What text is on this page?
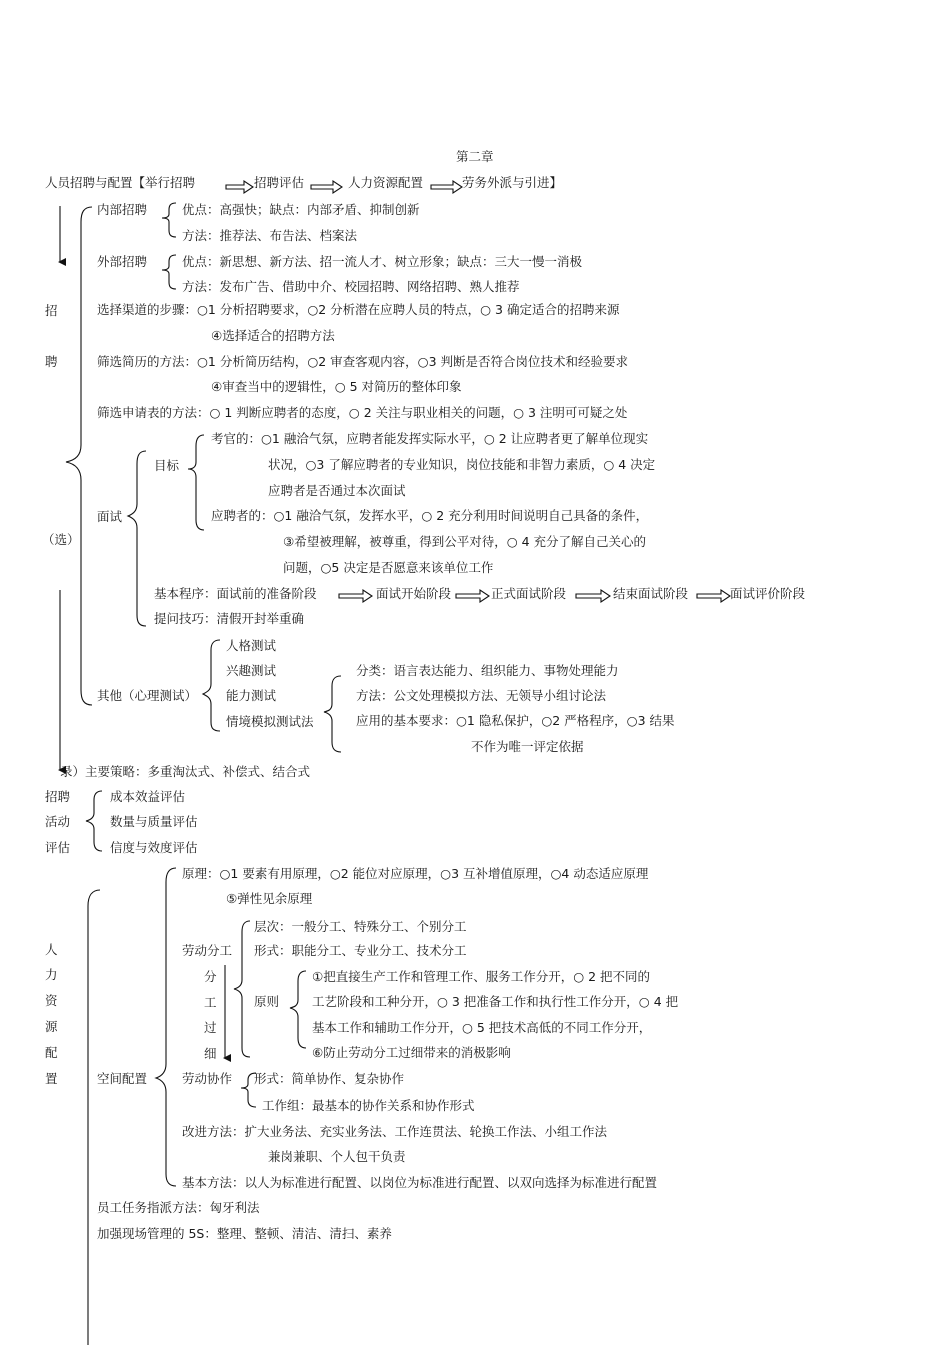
第二章
人员招聘与配置【举行招聘	招聘评估	人力资源配置	劳务外派与引进】
招
聘
（选）
内部招聘	优点：高强快；缺点：内部矛盾、抑制创新
方法：推荐法、布告法、档案法
外部招聘	优点：新思想、新方法、招一流人才、树立形象；缺点：三大一慢一消极
方法：发布广告、借助中介、校园招聘、网络招聘、熟人推荐
选择渠道的步骤：○1 分析招聘要求，○2 分析潜在应聘人员的特点，○ 3 确定适合的招聘来源
④选择适合的招聘方法
筛选简历的方法：○1 分析简历结构，○2 审查客观内容，○3 判断是否符合岗位技术和经验要求
④审查当中的逻辑性，○ 5 对简历的整体印象
筛选申请表的方法：○ 1 判断应聘者的态度，○ 2 关注与职业相关的问题，○ 3 注明可可疑之处
目标
考官的：○1 融洽气氛，应聘者能发挥实际水平，○ 2 让应聘者更了解单位现实
状况，○3 了解应聘者的专业知识，岗位技能和非智力素质，○ 4 决定
应聘者是否通过本次面试
应聘者的：○1 融洽气氛，发挥水平，○ 2 充分利用时间说明自己具备的条件，
③希望被理解，被尊重，得到公平对待，○ 4 充分了解自己关心的
问题，○5 决定是否愿意来该单位工作
面试
基本程序：面试前的准备阶段	面试开始阶段	正式面试阶段	结束面试阶段	面试评价阶段
提问技巧：清假开封举重确
人格测试
兴趣测试
能力测试
情境模拟测试法
其他（心理测试）
分类：语言表达能力、组织能力、事物处理能力
方法：公文处理模拟方法、无领导小组讨论法
应用的基本要求：○1 隐私保护，○2 严格程序，○3 结果
不作为唯一评定依据
录）主要策略：多重淘汰式、补偿式、结合式
招聘
活动
评估
成本效益评估
数量与质量评估
信度与效度评估
人
力
资
源
配
置	空间配置
原理：○1 要素有用原理，○2 能位对应原理，○3 互补增值原理，○4 动态适应原理
⑤弹性见余原理
劳动分工
分
工
过
细
层次：一般分工、特殊分工、个别分工
形式：职能分工、专业分工、技术分工
原则
①把直接生产工作和管理工作、服务工作分开，○ 2 把不同的
工艺阶段和工种分开，○ 3 把准备工作和执行性工作分开，○ 4 把
基本工作和辅助工作分开，○ 5 把技术高低的不同工作分开，
⑥防止劳动分工过细带来的消极影响
劳动协作 形式：简单协作、复杂协作
工作组：最基本的协作关系和协作形式
改进方法：扩大业务法、充实业务法、工作连贯法、轮换工作法、小组工作法
兼岗兼职、个人包干负责
基本方法：以人为标准进行配置、以岗位为标准进行配置、以双向选择为标准进行配置
员工任务指派方法：匈牙利法
加强现场管理的 5S：整理、整顿、清洁、清扫、素养
